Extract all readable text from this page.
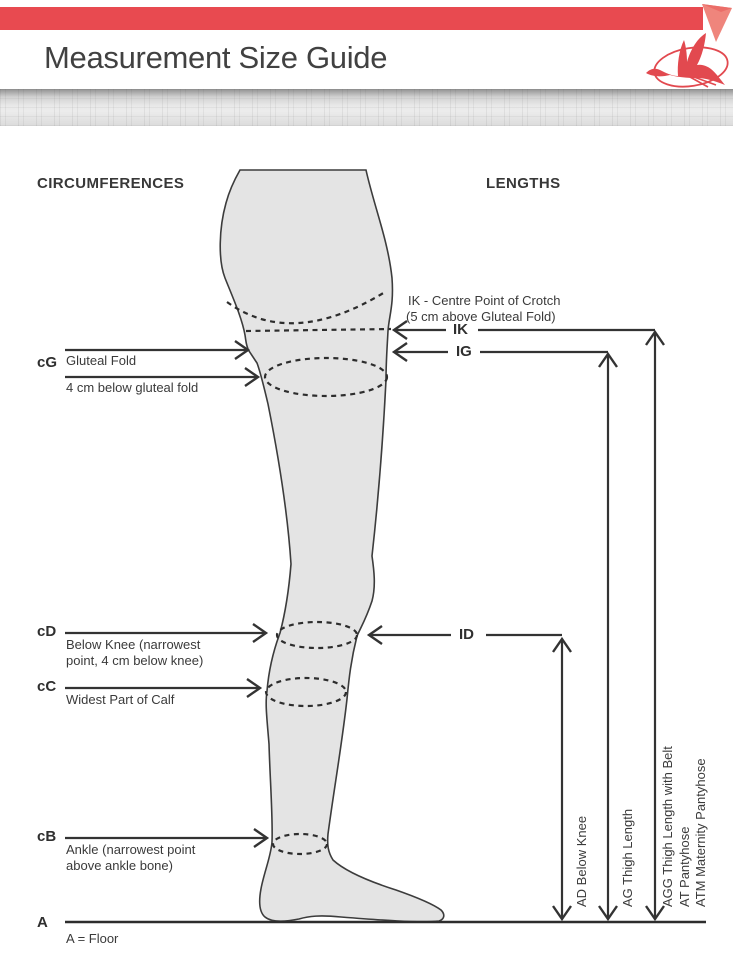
Measurement Size Guide
CIRCUMFERENCES	LENGTHS
cG Gluteal Fold
4 cm below gluteal fold
cD
Below Knee (narrowest
point, 4 cm below knee)
cC
Widest Part of Calf
cB
Ankle (narrowest point
above ankle bone)
A
A = Floor
IK - Centre Point of Crotch
(5 cm above Gluteal Fold)
IK
IG
ID
AD Below Knee AG Thigh Length AGG Thigh Length with Belt AT Pantyhose ATM Maternity Pantyhose
